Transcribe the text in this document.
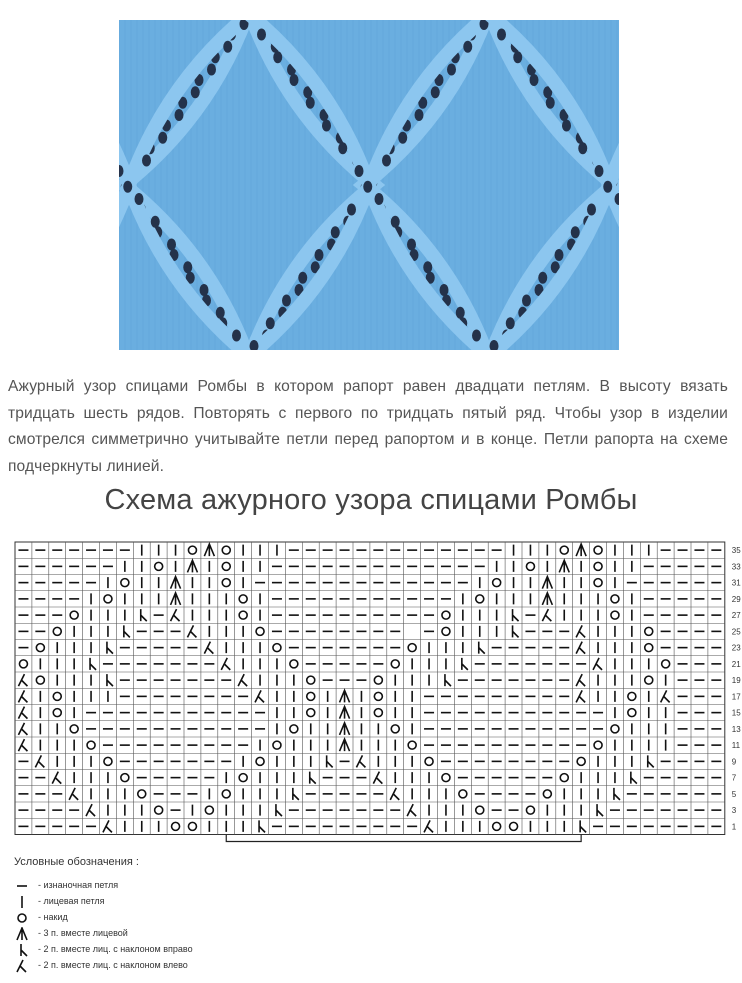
Ажурный узор спицами Ромбы в котором рапорт равен двадцати петлям. В высоту вязать тридцать шесть рядов. Повторять с первого по тридцать пятый ряд. Чтобы узор в изделии смотрелся симметрично учитывайте петли перед рапортом и в конце. Петли рапорта на схеме подчеркнуты линией.
Схема ажурного узора спицами Ромбы
35
33
31
29
27
25
23
21
19
17
15
13
11
9
7
5
3
1
Условные обозначения :
- изнаночная петля
- лицевая петля
- накид
- 3 п. вместе лицевой
- 2 п. вместе лиц. с наклоном вправо
- 2 п. вместе лиц. с наклоном влево
